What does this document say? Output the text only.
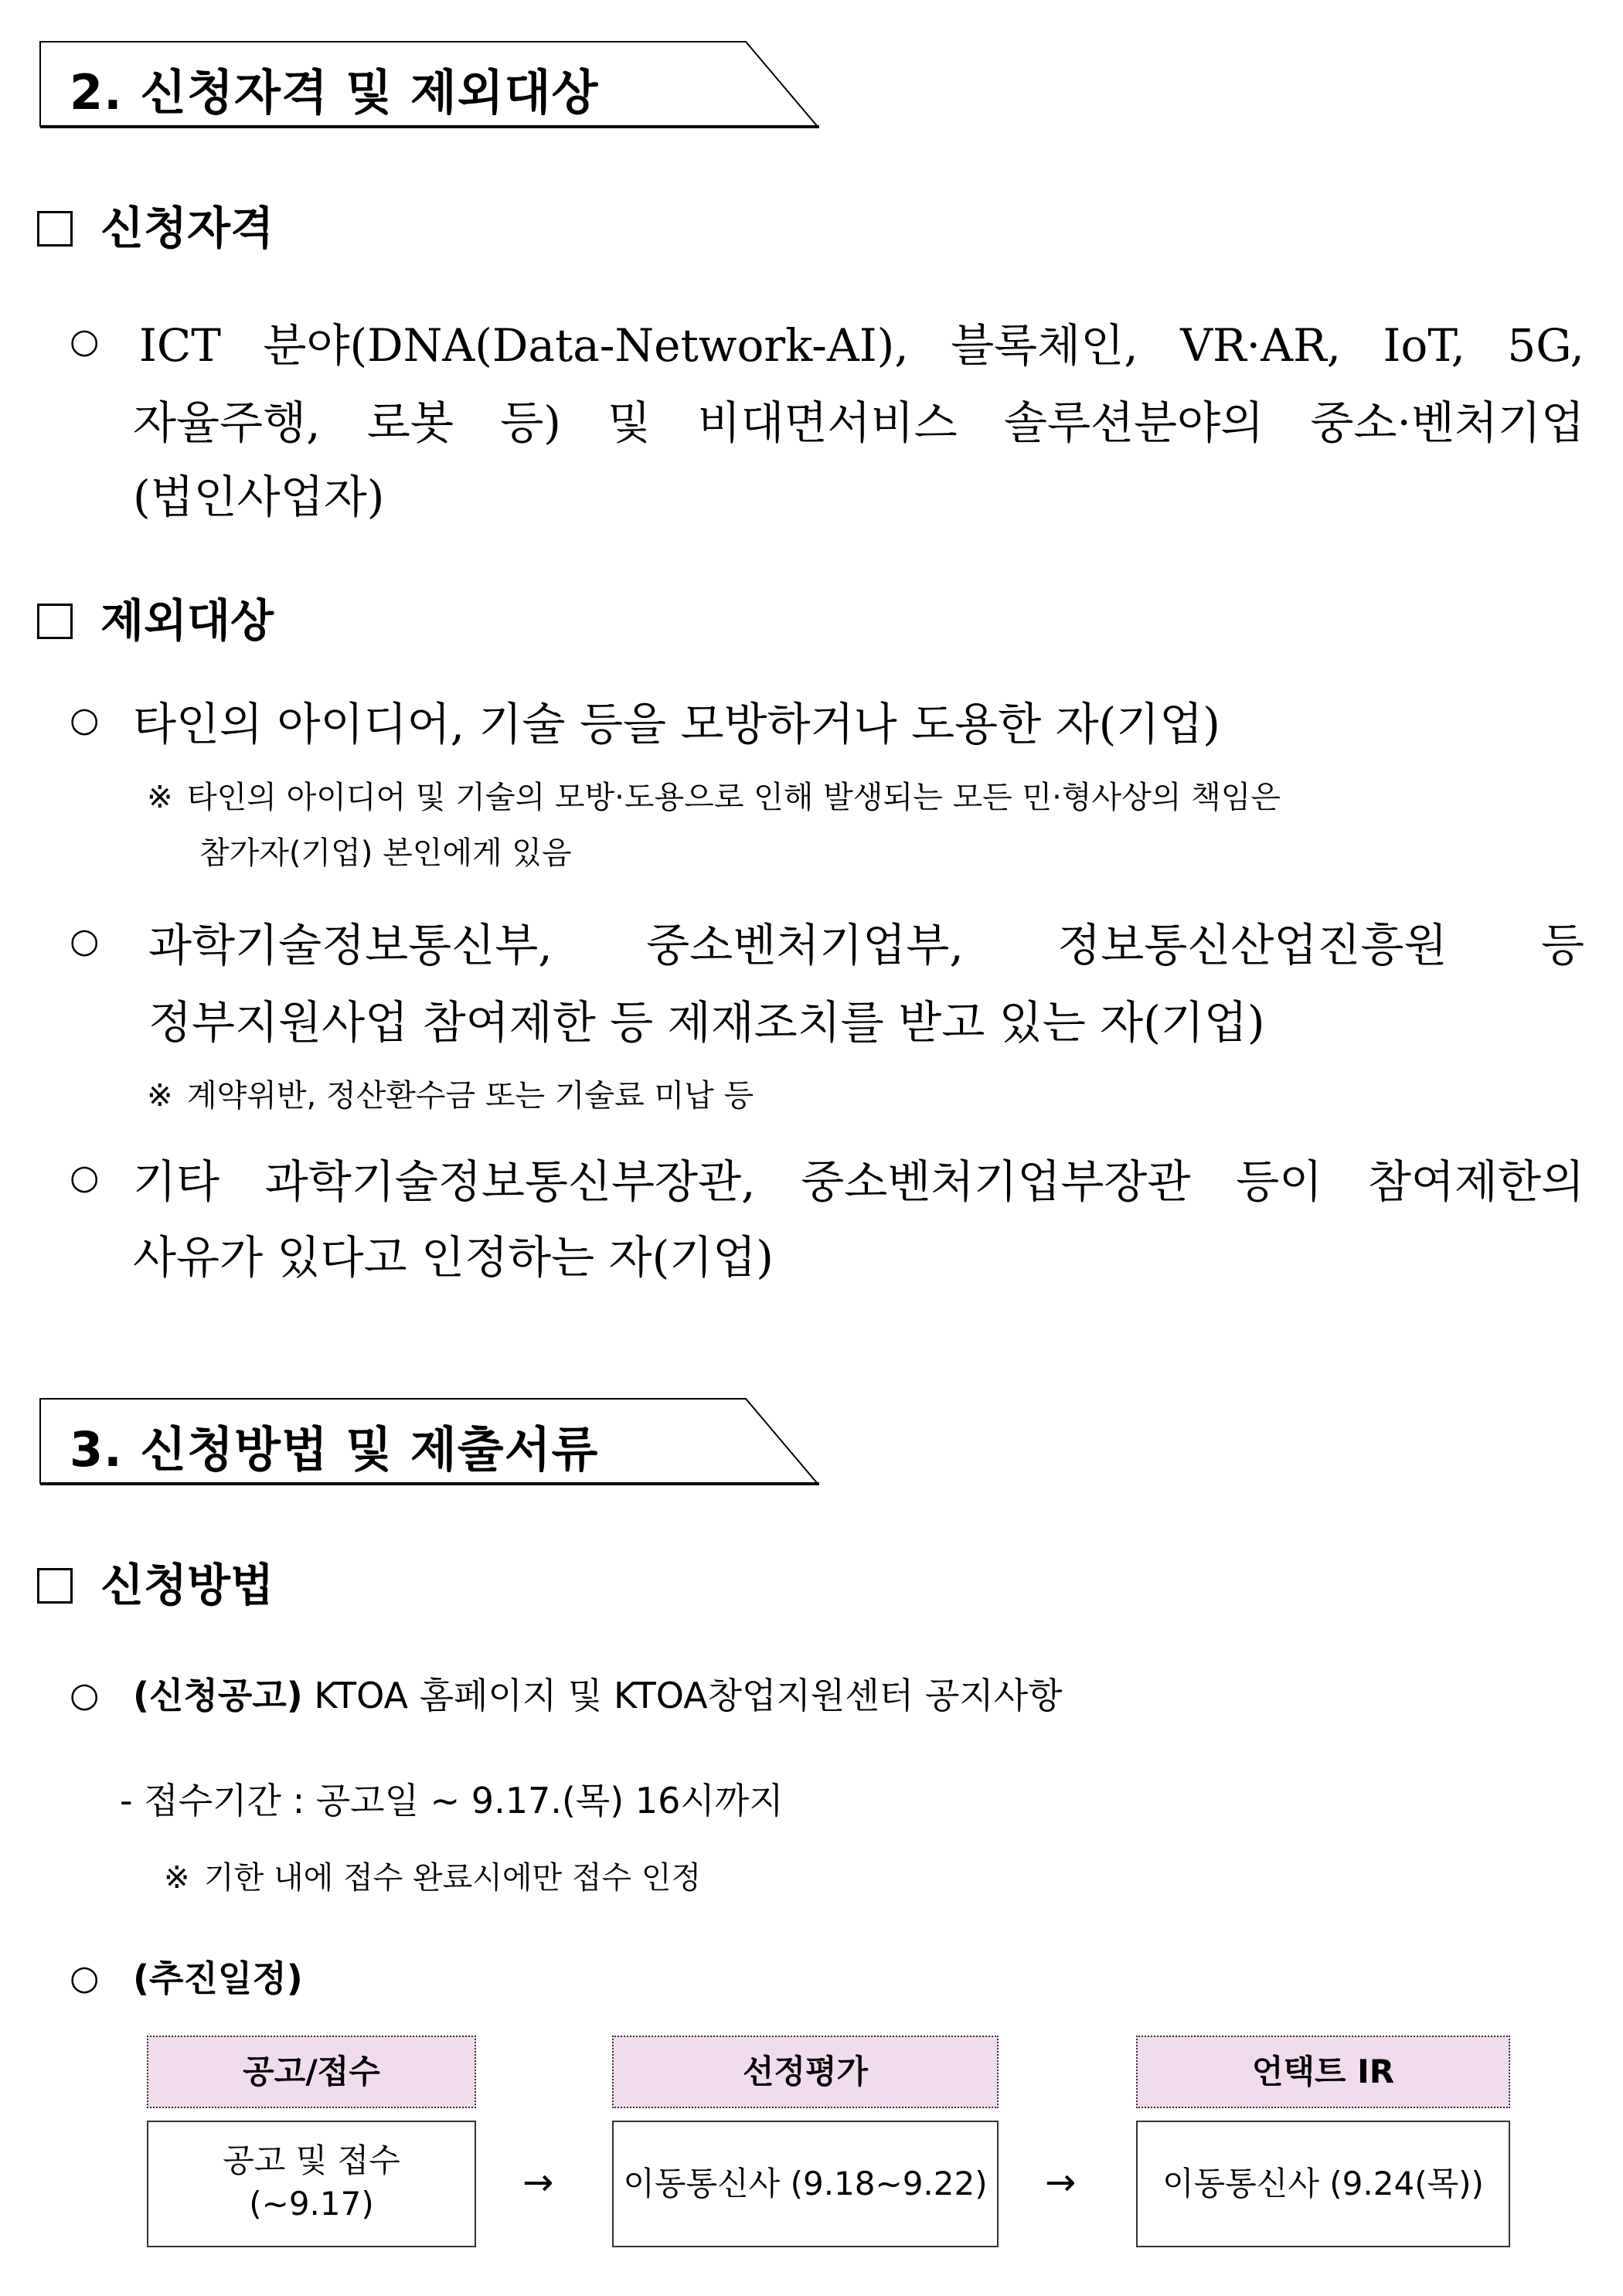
2. 신청자격 및 제외대상
신청자격
○ ICT 분야(DNA(Data-Network-AI), 블록체인, VR·AR, IoT, 5G,
자율주행, 로봇 등) 및 비대면서비스 솔루션분야의 중소·벤처기업
(법인사업자)
제외대상
○ 타인의 아이디어, 기술 등을 모방하거나 도용한 자(기업)
※ 타인의 아이디어 및 기술의 모방·도용으로 인해 발생되는 모든 민·형사상의 책임은
참가자(기업) 본인에게 있음
○ 과학기술정보통신부, 중소벤처기업부, 정보통신산업진흥원 등
정부지원사업 참여제한 등 제재조치를 받고 있는 자(기업)
※ 계약위반, 정산환수금 또는 기술료 미납 등
○ 기타 과학기술정보통신부장관, 중소벤처기업부장관 등이 참여제한의
사유가 있다고 인정하는 자(기업)
3. 신청방법 및 제출서류
신청방법
○ (신청공고) KTOA 홈페이지 및 KTOA창업지원센터 공지사항
- 접수기간 : 공고일 ~ 9.17.(목) 16시까지
※ 기한 내에 접수 완료시에만 접수 인정
○ (추진일정)
공고/접수
공고 및 접수
(~9.17)	→
선정평가
이동통신사 (9.18~9.22) →
언택트 IR
이동통신사 (9.24(목))
